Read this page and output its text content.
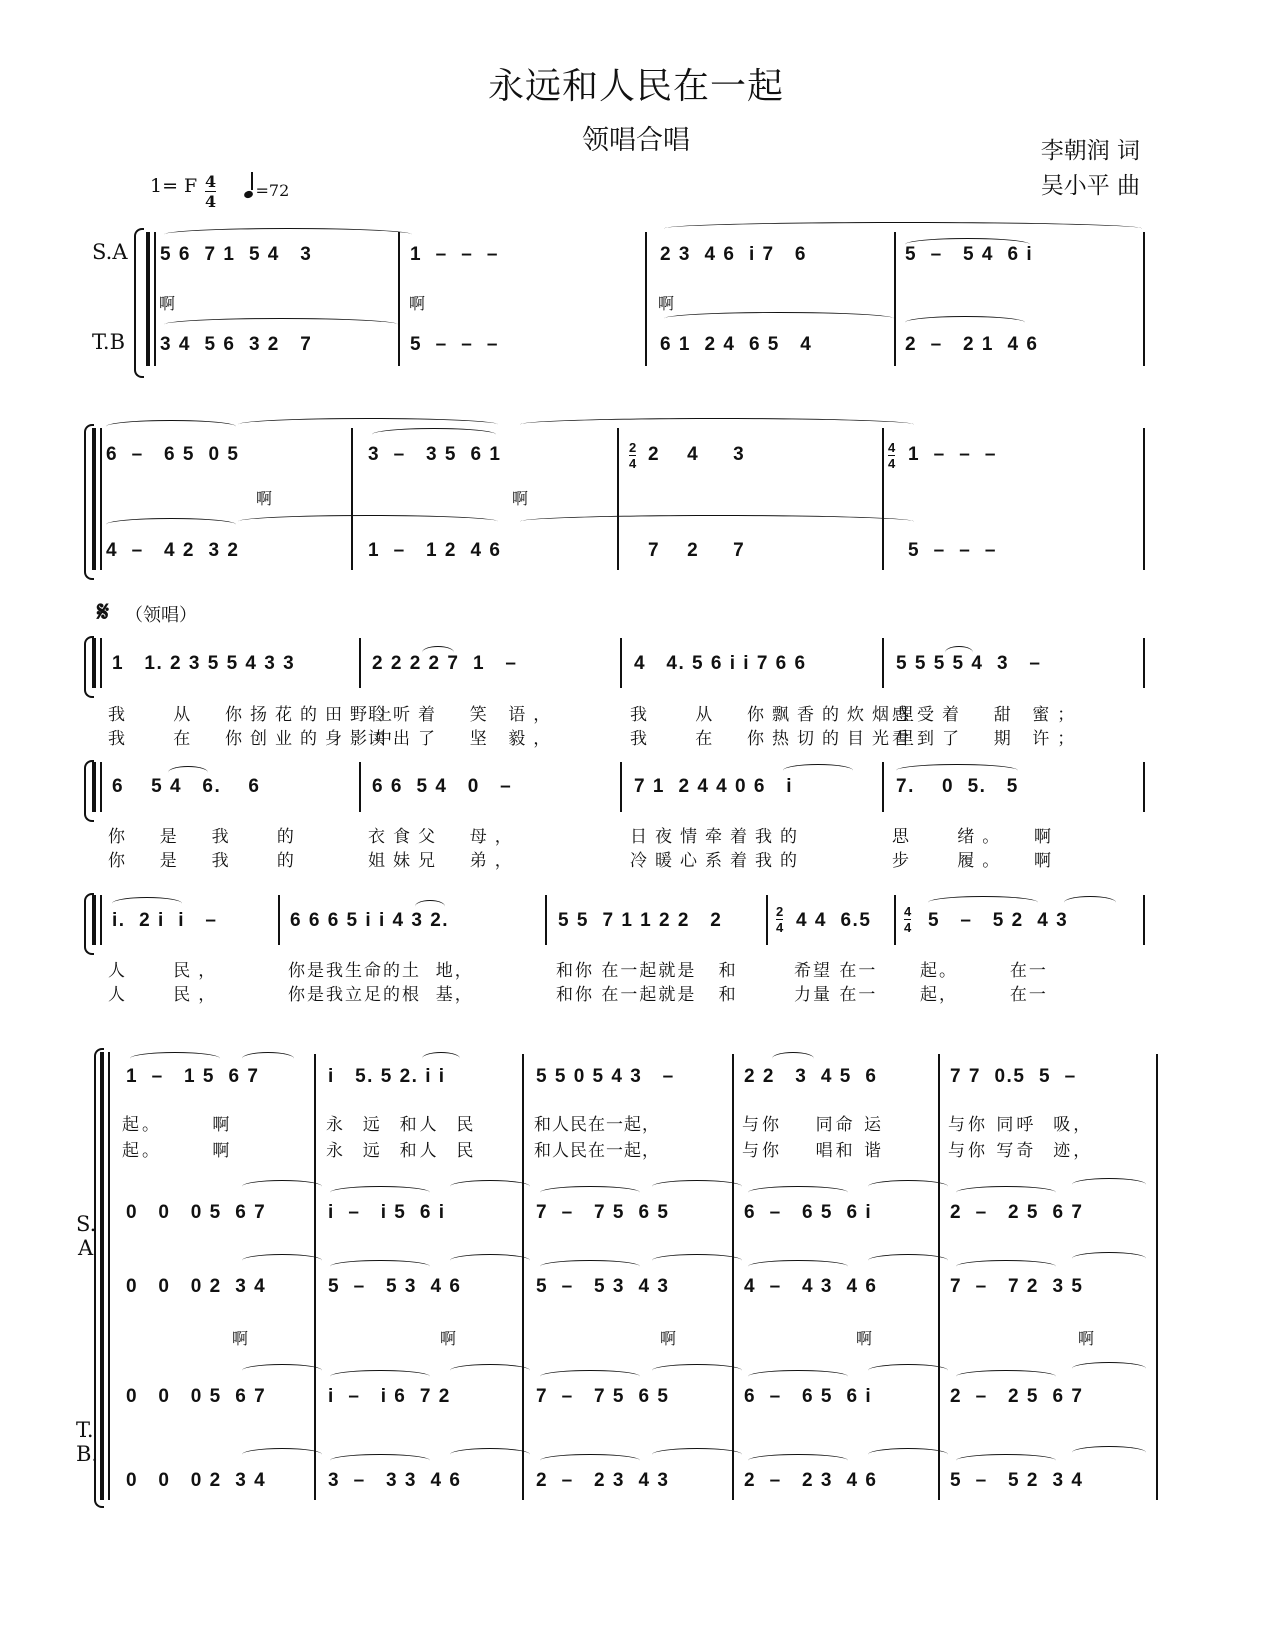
永远和人民在一起
领唱合唱	李朝润 词
吴小平 曲
1= F $\frac{4}{4}$	=72
S.A
T.B
5 6  7 1  5 4   3	1  –  –  –	2 3  4 6  i 7   6	5  –   5 4  6 i
啊	啊	啊
3 4  5 6  3 2   7	5  –  –  –	6 1  2 4  6 5   4	2  –   2 1  4 6
6  –   6 5  0 5	3  –   3 5  6 1	$\frac{2}{4} 2$    4     3	$\frac{4}{4} 1$  –  –  –
啊	啊
4  –   4 2  3 2	1  –   1 2  4 6	7    2     7	5  –  –  –
𝄋 （领唱）
1   1. 2 3 5 5 4 3 3	2 2 2 2 7  1   –	4   4. 5 6 i i 7 6 6	5 5 5 5 4  3   –
我   从  你扬花的田野上
聆听着  笑 语，	我   从  你飘香的炊烟里
感受着  甜 蜜；
我   在  你创业的身影中
读出了  坚 毅，	我   在  你热切的目光里
看到了  期 许；
6    5 4   6.    6	6 6  5 4   0   –	7 1  2 4 4 0 6   i	7.    0  5.   5
你  是  我   的	衣食父  母，	日夜情牵着我的	思   绪。  啊
你  是  我   的	姐妹兄  弟，	冷暖心系着我的	步   履。  啊
i.  2 i  i   –	6 6 6 5 i i 4 3 2.	5 5  7 1 1 2 2   2	$\frac{2}{4} 4$ 4  6.5	$\frac{4}{4} 5 - 5$ 2  4 3
人   民，	你是我生命的土  地，	和你 在一起就是   和	希望 在一	起。       在一
人   民，	你是我立足的根  基，	和你 在一起就是   和	力量 在一	起，       在一
S.
A
T.
B.
1  –   1 5  6 7	i   5. 5 2. i i	5 5 0 5 4 3   –	2 2   3  4 5  6	7 7  0.5  5  –
起。      啊	永  远  和人  民	和人民在一起，	与你    同命 运	与你 同呼  吸，
起。      啊	永  远  和人  民	和人民在一起，	与你    唱和 谐	与你 写奇  迹，
0   0   0 5  6 7	i  –   i 5  6 i	7  –   7 5  6 5	6  –   6 5  6 i	2  –   2 5  6 7
0   0   0 2  3 4	5  –   5 3  4 6	5  –   5 3  4 3	4  –   4 3  4 6	7  –   7 2  3 5
啊	啊	啊	啊	啊
0   0   0 5  6 7	i  –   i 6  7 2	7  –   7 5  6 5	6  –   6 5  6 i	2  –   2 5  6 7
0   0   0 2  3 4	3  –   3 3  4 6	2  –   2 3  4 3	2  –   2 3  4 6	5  –   5 2  3 4
